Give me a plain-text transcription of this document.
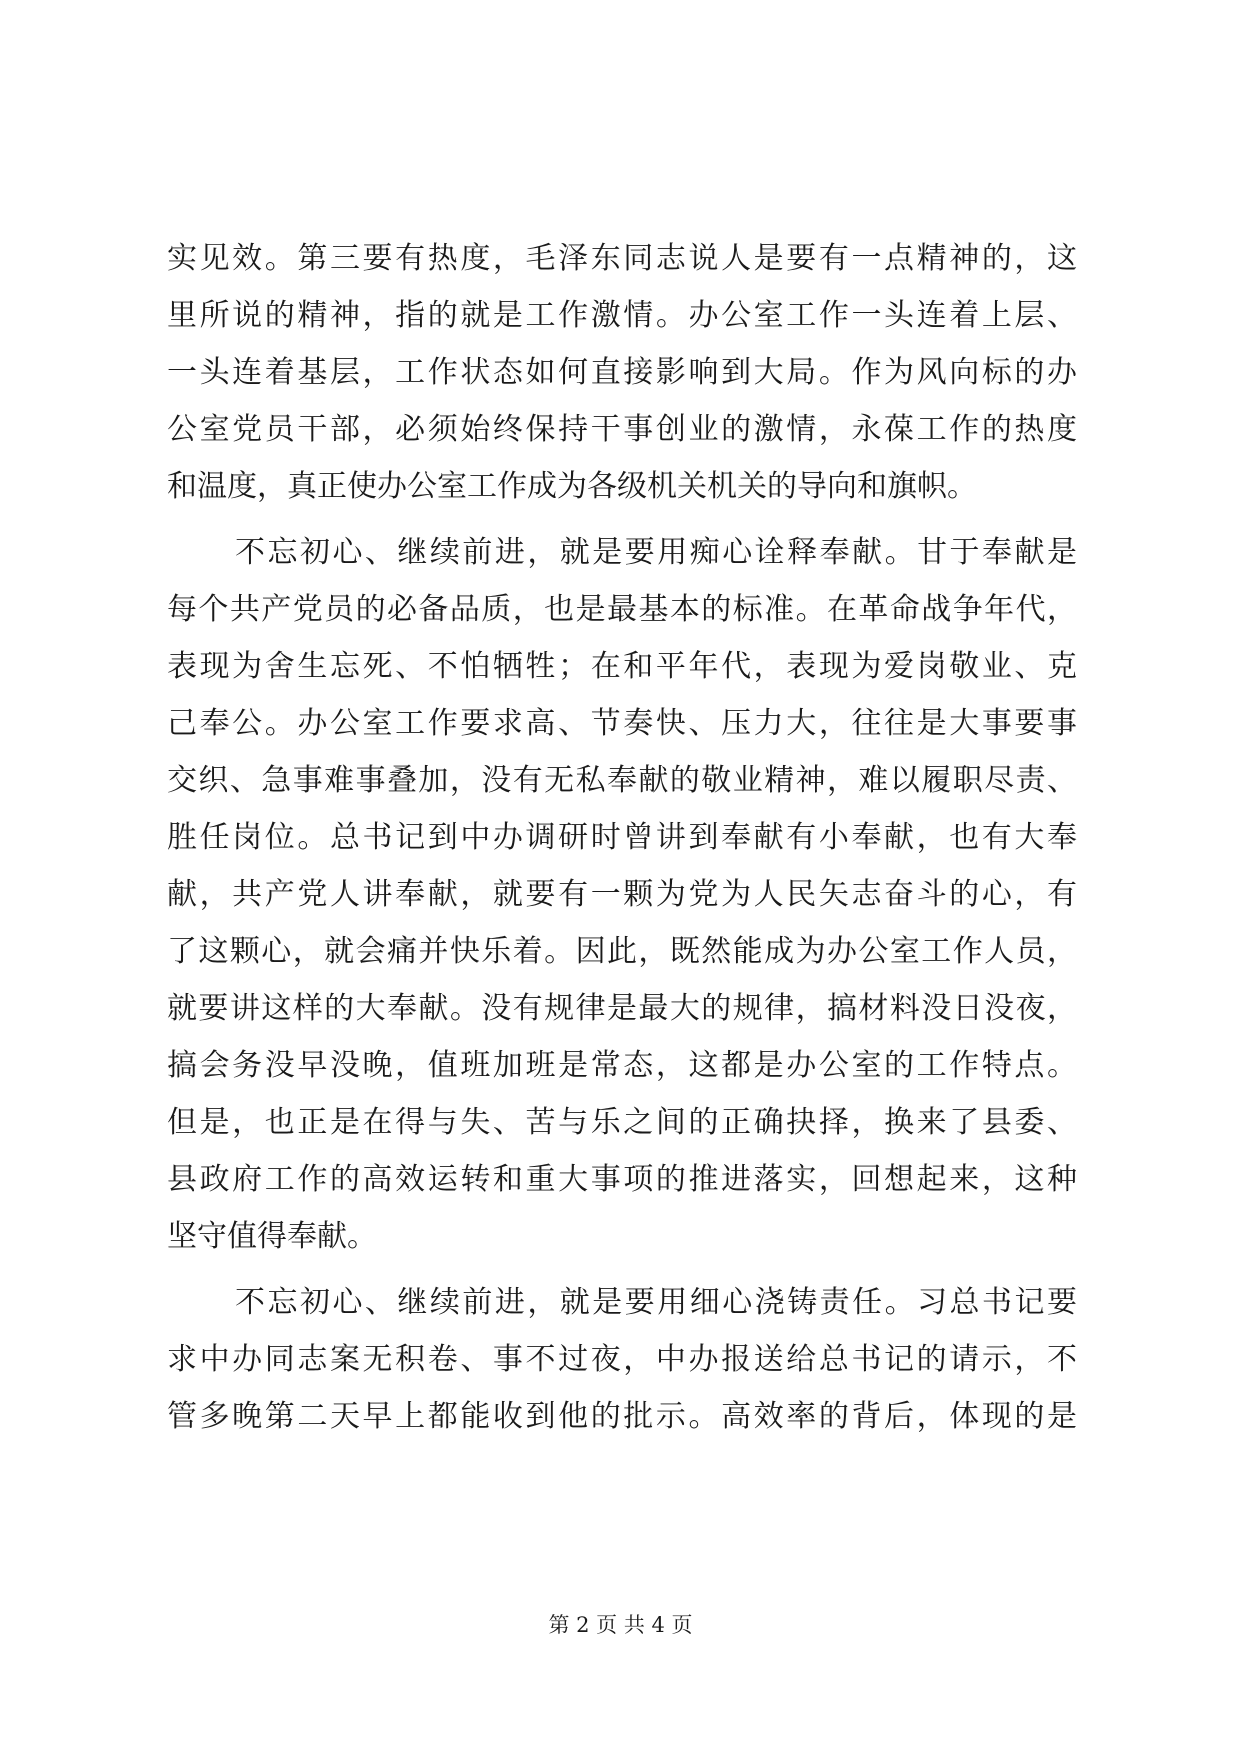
实见效。第三要有热度，毛泽东同志说人是要有一点精神的，这
里所说的精神，指的就是工作激情。办公室工作一头连着上层、
一头连着基层，工作状态如何直接影响到大局。作为风向标的办
公室党员干部，必须始终保持干事创业的激情，永葆工作的热度
和温度，真正使办公室工作成为各级机关机关的导向和旗帜。
不忘初心、继续前进，就是要用痴心诠释奉献。甘于奉献是
每个共产党员的必备品质，也是最基本的标准。在革命战争年代，
表现为舍生忘死、不怕牺牲；在和平年代，表现为爱岗敬业、克
己奉公。办公室工作要求高、节奏快、压力大，往往是大事要事
交织、急事难事叠加，没有无私奉献的敬业精神，难以履职尽责、
胜任岗位。总书记到中办调研时曾讲到奉献有小奉献，也有大奉
献，共产党人讲奉献，就要有一颗为党为人民矢志奋斗的心，有
了这颗心，就会痛并快乐着。因此，既然能成为办公室工作人员，
就要讲这样的大奉献。没有规律是最大的规律，搞材料没日没夜，
搞会务没早没晚，值班加班是常态，这都是办公室的工作特点。
但是，也正是在得与失、苦与乐之间的正确抉择，换来了县委、
县政府工作的高效运转和重大事项的推进落实，回想起来，这种
坚守值得奉献。
不忘初心、继续前进，就是要用细心浇铸责任。习总书记要
求中办同志案无积卷、事不过夜，中办报送给总书记的请示，不
管多晚第二天早上都能收到他的批示。高效率的背后，体现的是
第 2 页 共 4 页
